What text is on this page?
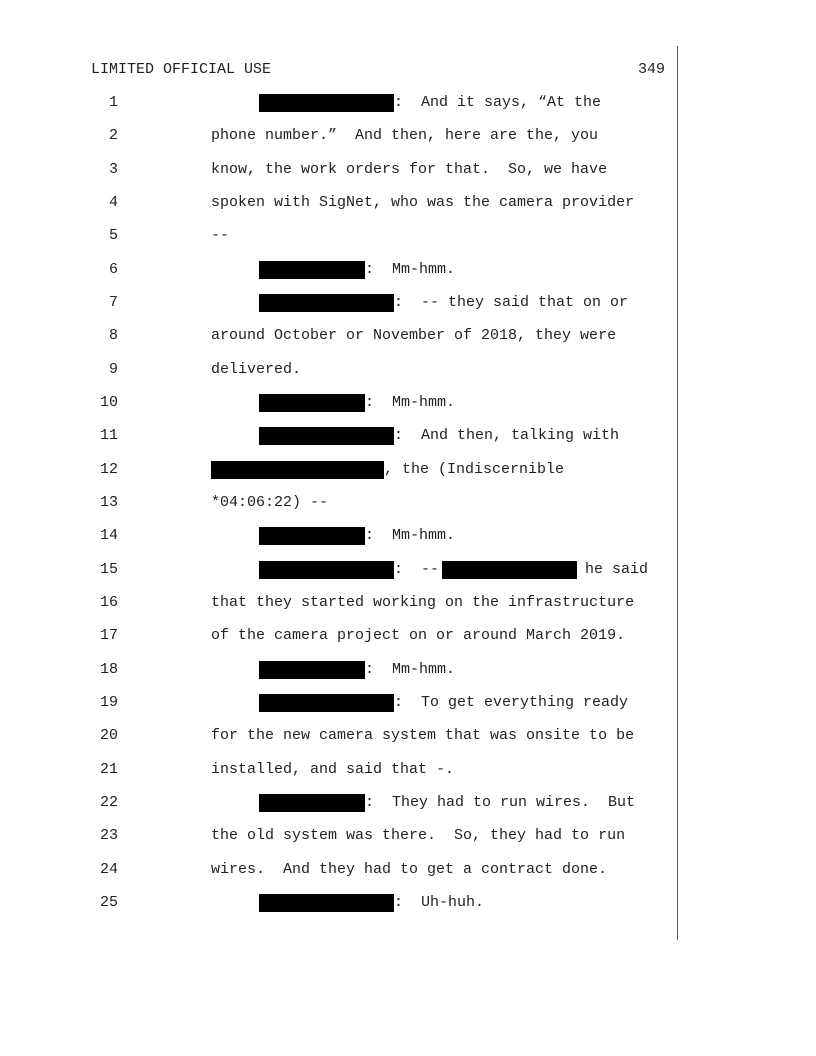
LIMITED OFFICIAL USE	349
1
2
3
4
5
6
7
8
9
10
11
12
13
14
15
16
17
18
19
20
21
22
23
24
25
:  And it says, “At the
phone number.”  And then, here are the, you
know, the work orders for that.  So, we have
spoken with SigNet, who was the camera provider
--
:  Mm-hmm.
:  -- they said that on or
around October or November of 2018, they were
delivered.
:  Mm-hmm.
:  And then, talking with
, the (Indiscernible
*04:06:22) --
:  Mm-hmm.
:  --	he said
that they started working on the infrastructure
of the camera project on or around March 2019.
:  Mm-hmm.
:  To get everything ready
for the new camera system that was onsite to be
installed, and said that -.
:  They had to run wires.  But
the old system was there.  So, they had to run
wires.  And they had to get a contract done.
:  Uh-huh.
